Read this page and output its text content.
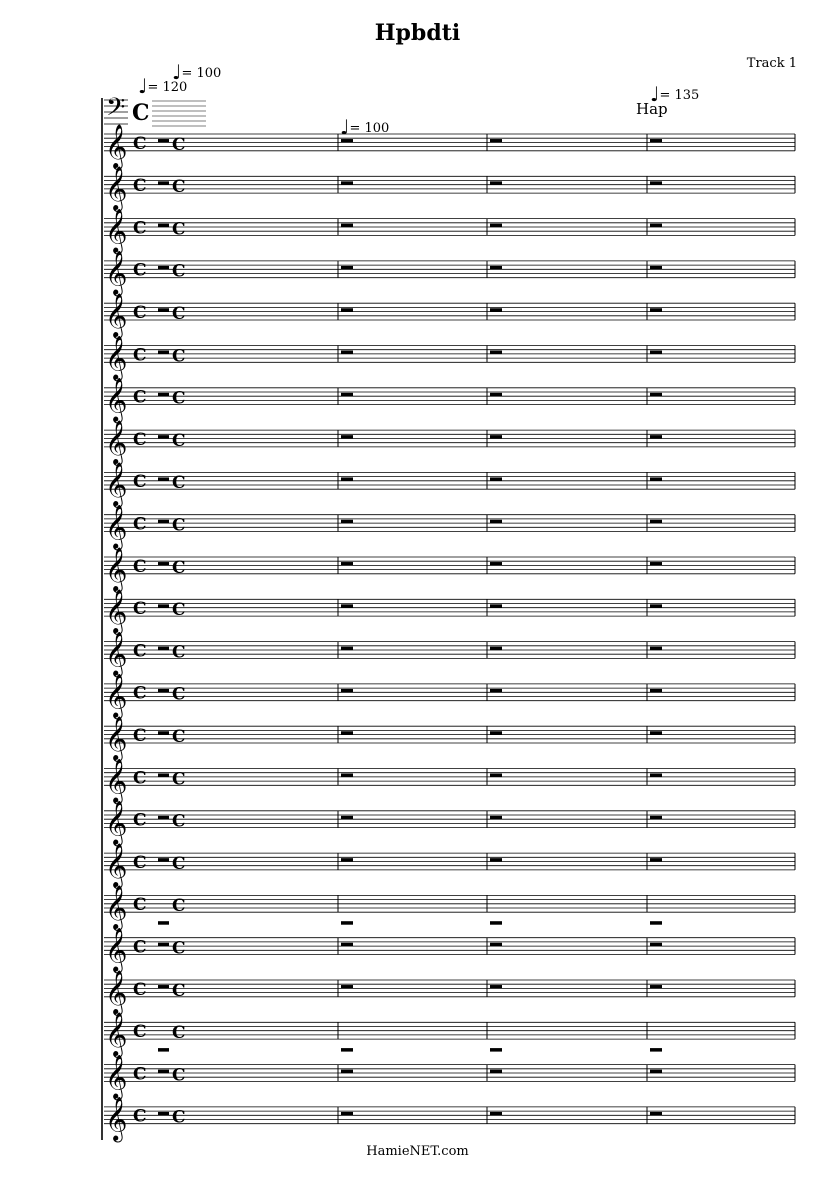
Hpbdti
Track 1
♩= 120
♩= 100
♩= 100
♩= 135
Hap
𝄢 C
𝄞 C C
𝄞 C C
𝄞 C C
𝄞 C C
𝄞 C C
𝄞 C C
𝄞 C C
𝄞 C C
𝄞 C C
𝄞 C C
𝄞 C C
𝄞 C C
𝄞 C C
𝄞 C C
𝄞 C C
𝄞 C C
𝄞 C C
𝄞 C C
𝄞 C C
𝄞 C C
𝄞 C C
𝄞 C C
𝄞 C C
𝄞 C C
HamieNET.com
